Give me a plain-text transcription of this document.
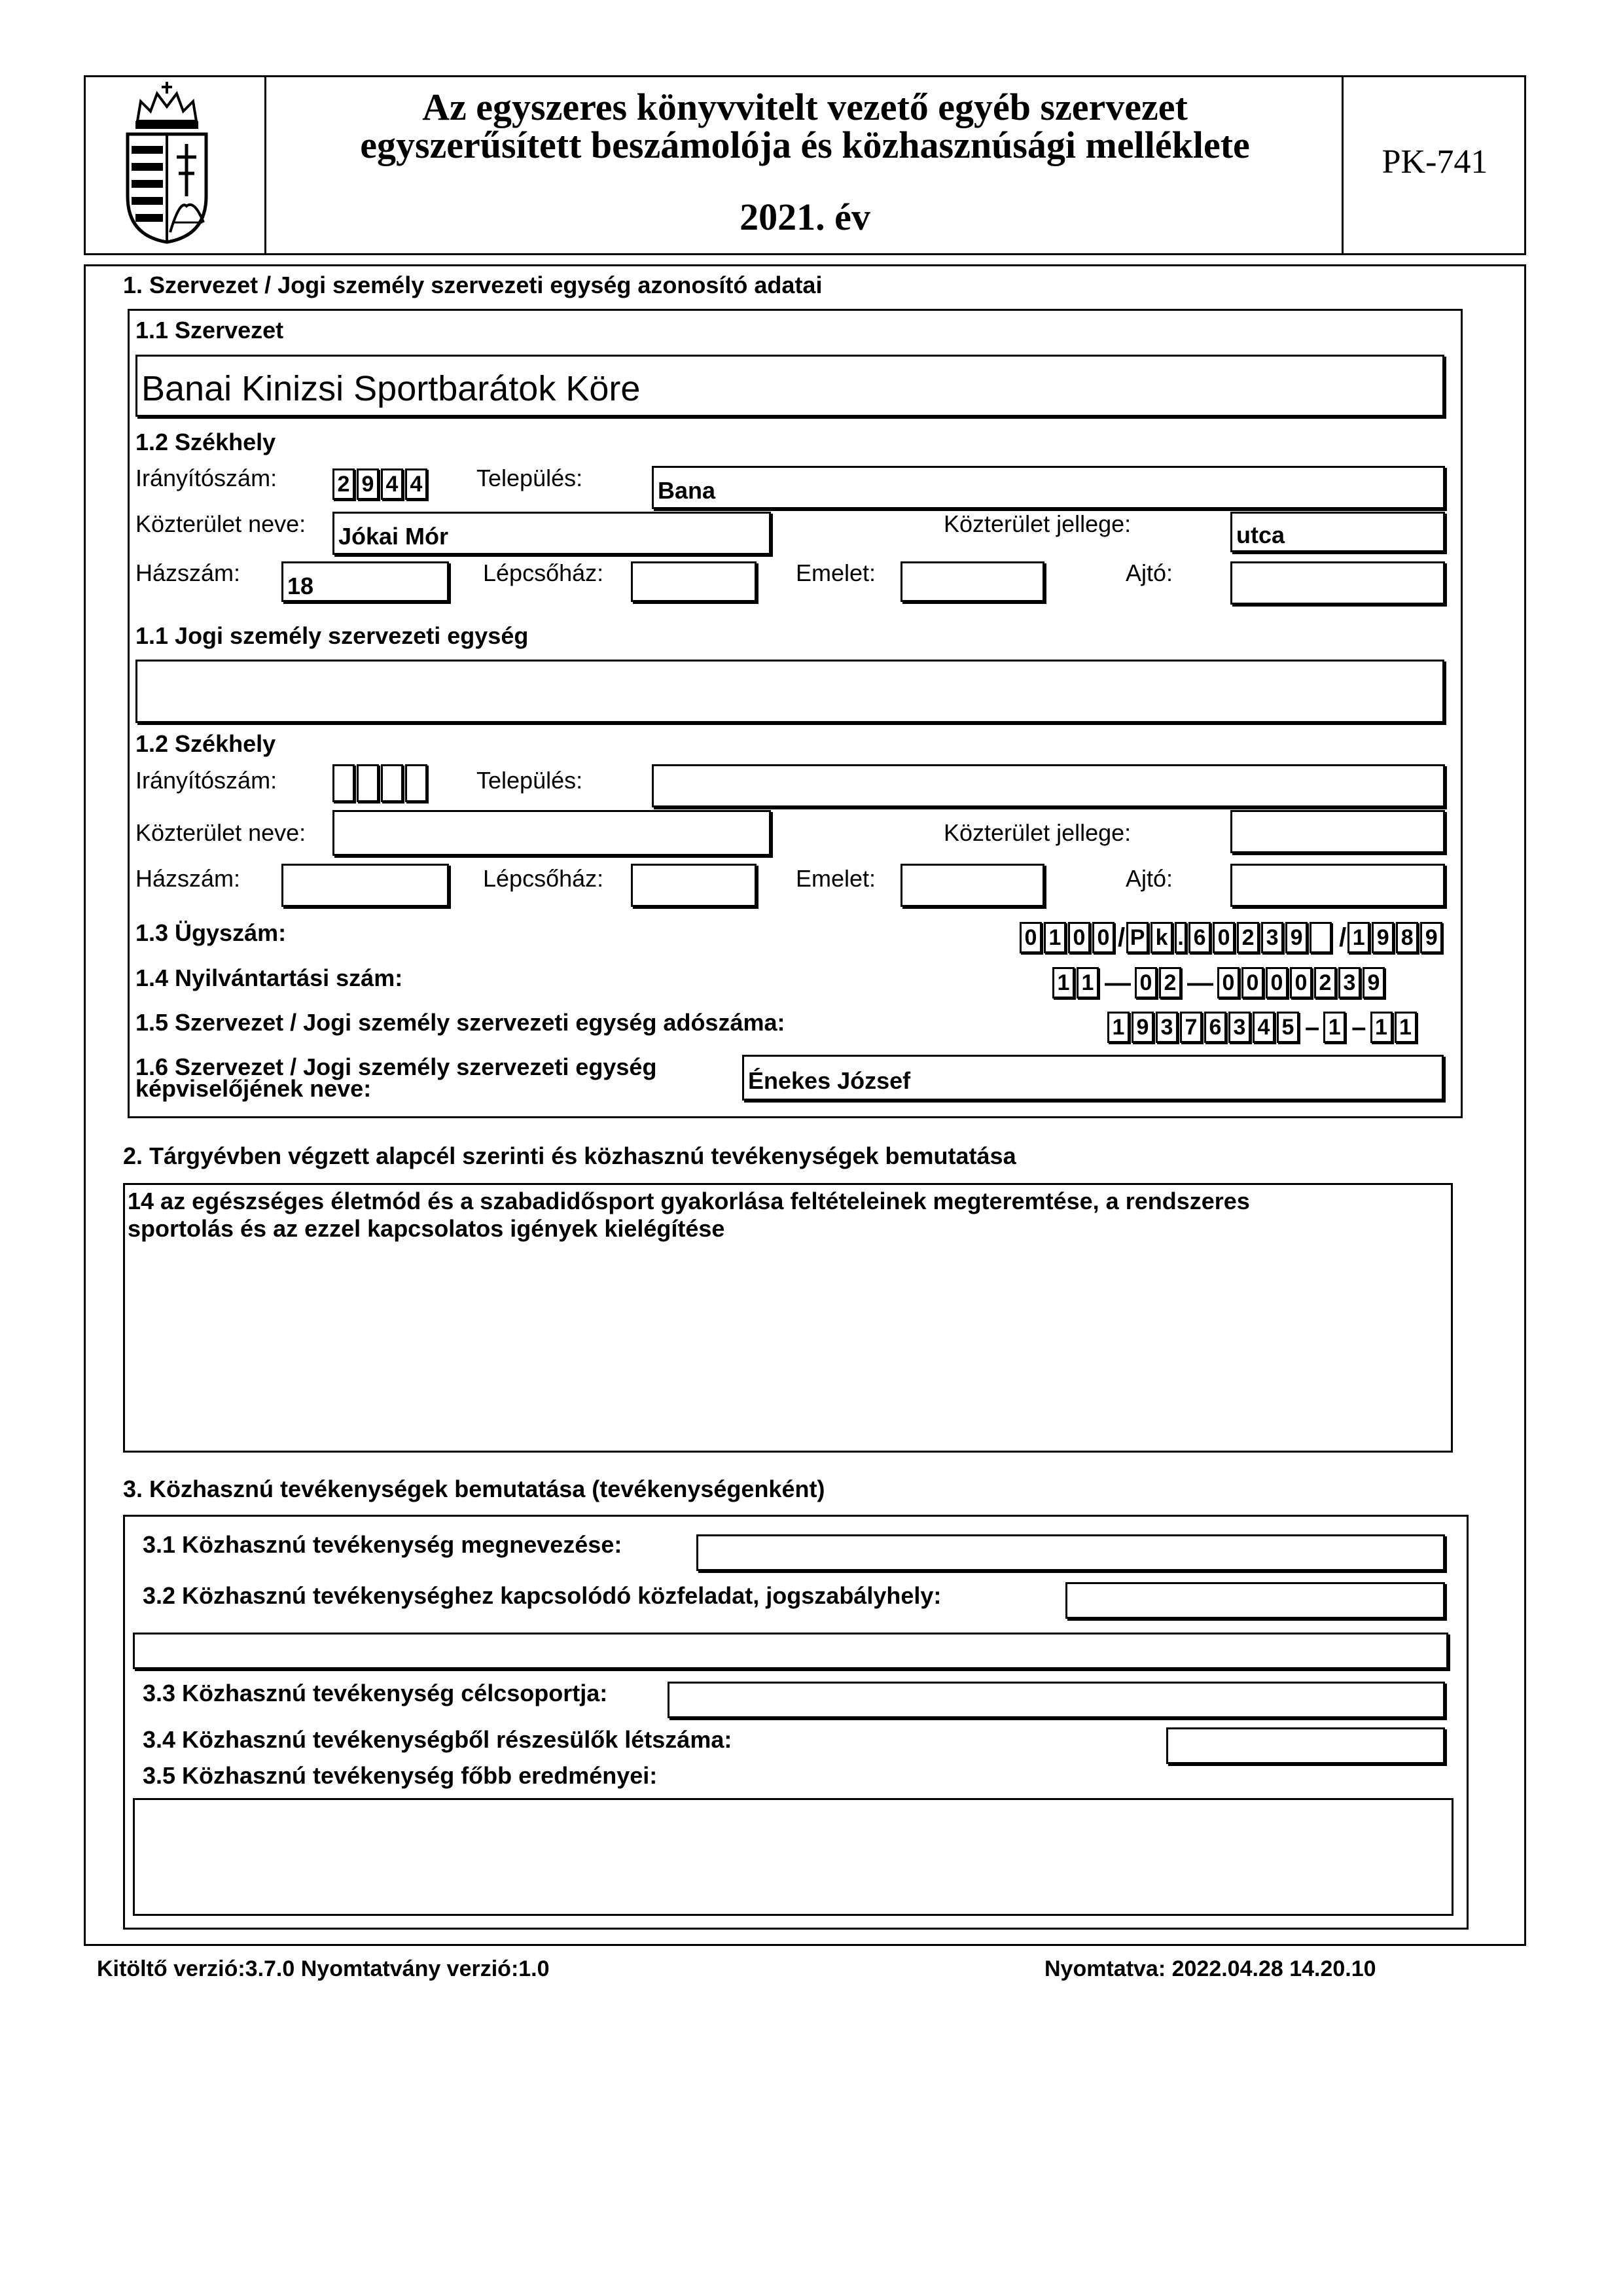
Az egyszeres könyvvitelt vezető egyéb szervezet
egyszerűsített beszámolója és közhasznúsági melléklete
2021. év
PK-741
1. Szervezet / Jogi személy szervezeti egység azonosító adatai
1.1 Szervezet
Banai Kinizsi Sportbarátok Köre
1.2 Székhely
Irányítószám:	2 9 4 4 Település:	Bana
Közterület neve: Jókai Mór	Közterület jellege:	utca
Házszám: 18	Lépcsőház:	Emelet:	Ajtó:
1.1 Jogi személy szervezeti egység
1.2 Székhely
Irányítószám:	Település:
Közterület neve:	Közterület jellege:
Házszám:	Lépcsőház:	Emelet:	Ajtó:
1.3 Ügyszám:	0 1 0 0 / P k . 6 0 2 3 9 / 1 9 8 9
1.4 Nyilvántartási szám:	1 1 — 0 2 — 0 0 0 0 2 3 9
1.5 Szervezet / Jogi személy szervezeti egység adószáma:	1 9 3 7 6 3 4 5 – 1 – 1 1
1.6 Szervezet / Jogi személy szervezeti egység
képviselőjének neve:	Énekes József
2. Tárgyévben végzett alapcél szerinti és közhasznú tevékenységek bemutatása
14 az egészséges életmód és a szabadidősport gyakorlása feltételeinek megteremtése, a rendszeres
sportolás és az ezzel kapcsolatos igények kielégítése
3. Közhasznú tevékenységek bemutatása (tevékenységenként)
3.1 Közhasznú tevékenység megnevezése:
3.2 Közhasznú tevékenységhez kapcsolódó közfeladat, jogszabályhely:
3.3 Közhasznú tevékenység célcsoportja:
3.4 Közhasznú tevékenységből részesülők létszáma:
3.5 Közhasznú tevékenység főbb eredményei:
Kitöltő verzió:3.7.0 Nyomtatvány verzió:1.0	Nyomtatva: 2022.04.28 14.20.10
